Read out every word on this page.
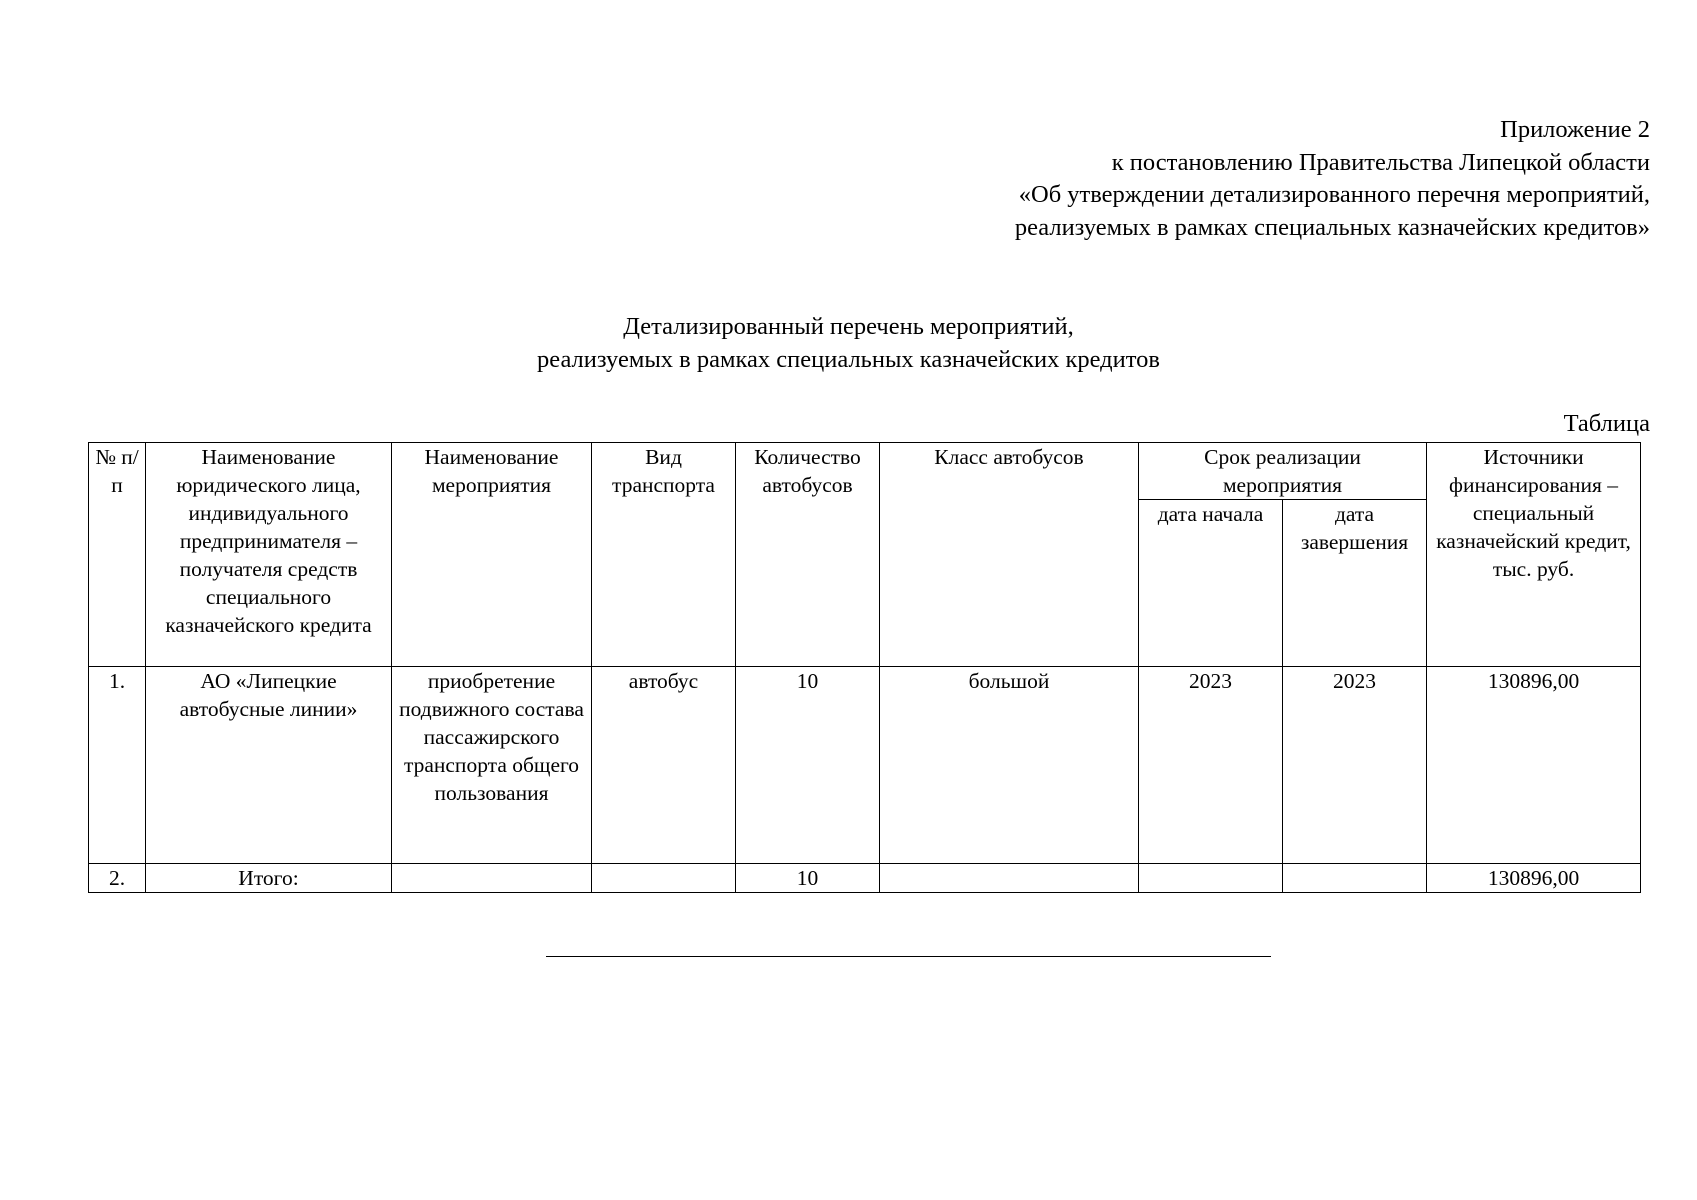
Приложение 2
к постановлению Правительства Липецкой области
«Об утверждении детализированного перечня мероприятий,
реализуемых в рамках специальных казначейских кредитов»
Детализированный перечень мероприятий,
реализуемых в рамках специальных казначейских кредитов
Таблица
№ п/п	Наименование юридического лица, индивидуального предпринимателя – получателя средств специального казначейского кредита	Наименование мероприятия	Вид транспорта	Количество автобусов	Класс автобусов	Срок реализации мероприятия		Источники финансирования – специальный казначейский кредит, тыс. руб.
						дата начала	дата завершения	
1.	АО «Липецкие автобусные линии»	приобретение подвижного состава пассажирского транспорта общего пользования	автобус	10	большой	2023	2023	130896,00
2.	Итого:			10				130896,00
